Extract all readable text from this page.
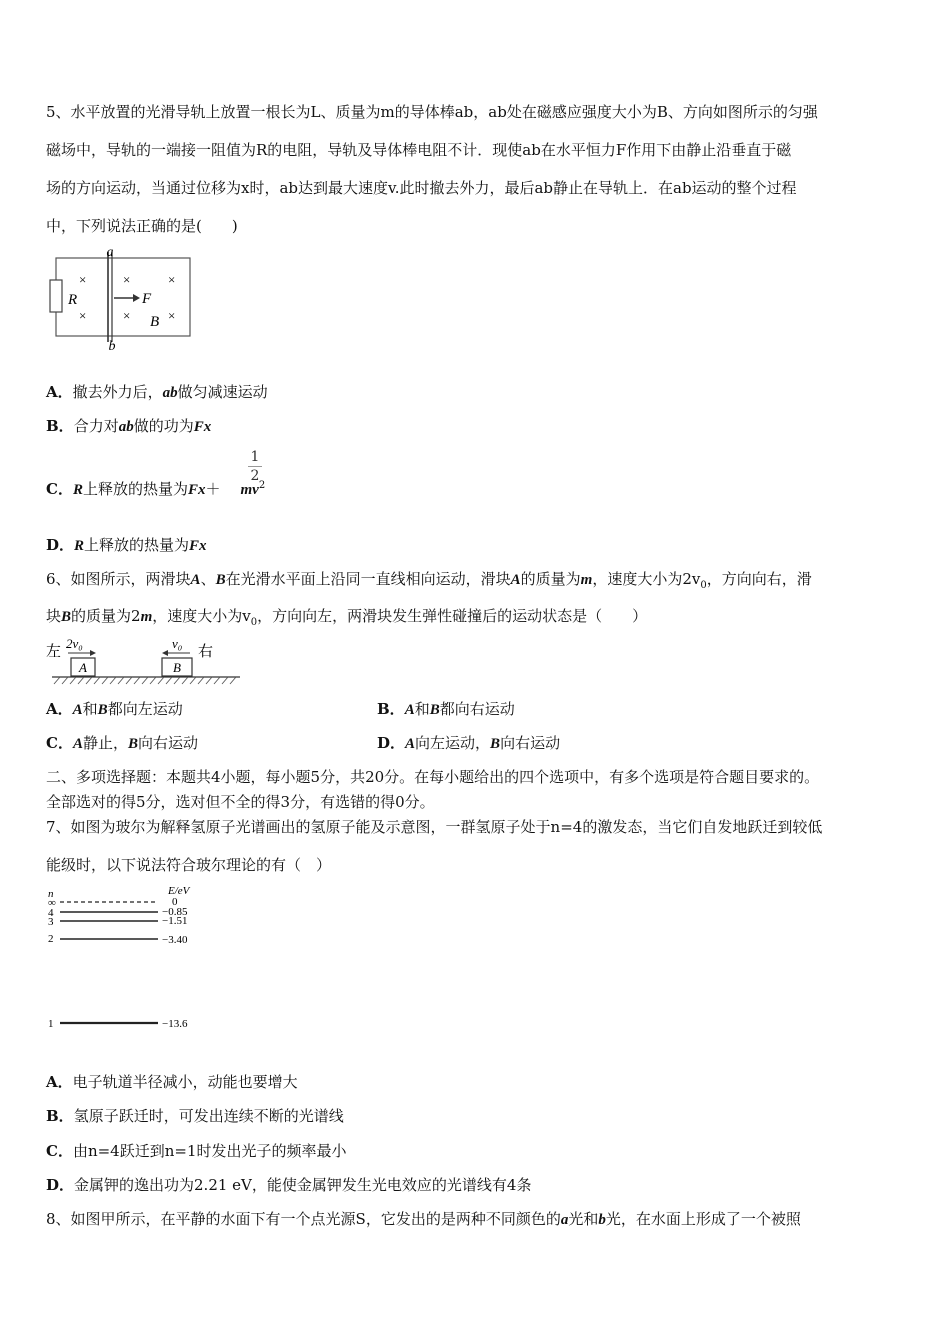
5、水平放置的光滑导轨上放置一根长为L、质量为m的导体棒ab，ab处在磁感应强度大小为B、方向如图所示的匀强
磁场中，导轨的一端接一阻值为R的电阻，导轨及导体棒电阻不计．现使ab在水平恒力F作用下由静止沿垂直于磁
场的方向运动，当通过位移为x时，ab达到最大速度v.此时撤去外力，最后ab静止在导轨上．在ab运动的整个过程
中，下列说法正确的是(　　)
a
b
R
×
×
×	×
×	×
F
B
A．撤去外力后，ab做匀减速运动
B．合力对ab做的功为Fx
C．R上释放的热量为$Fx+ mv^2$
1
2
D．R上释放的热量为Fx
6、如图所示，两滑块A、B在光滑水平面上沿同一直线相向运动，滑块A的质量为m，速度大小为$2v_0$，方向向右，滑
块B的质量为2m，速度大小为$v_0$，方向向左，两滑块发生弹性碰撞后的运动状态是（　　）
左
2v₀
A
v₀
B
右
A．A和B都向左运动	B．A和B都向右运动
C．A静止，B向右运动	D．A向左运动，B向右运动
二、多项选择题：本题共4小题，每小题5分，共20分。在每小题给出的四个选项中，有多个选项是符合题目要求的。
全部选对的得5分，选对但不全的得3分，有选错的得0分。
7、如图为玻尔为解释氢原子光谱画出的氢原子能及示意图，一群氢原子处于n=4的激发态，当它们自发地跃迁到较低
能级时，以下说法符合玻尔理论的有（　）
n	E/eV
∞	0
4	−0.85
3	−1.51
2	−3.40
1	−13.6
A．电子轨道半径减小，动能也要增大
B．氢原子跃迁时，可发出连续不断的光谱线
C．由n=4跃迁到n=1时发出光子的频率最小
D．金属钾的逸出功为2.21 eV，能使金属钾发生光电效应的光谱线有4条
8、如图甲所示，在平静的水面下有一个点光源S，它发出的是两种不同颜色的a光和b光，在水面上形成了一个被照
